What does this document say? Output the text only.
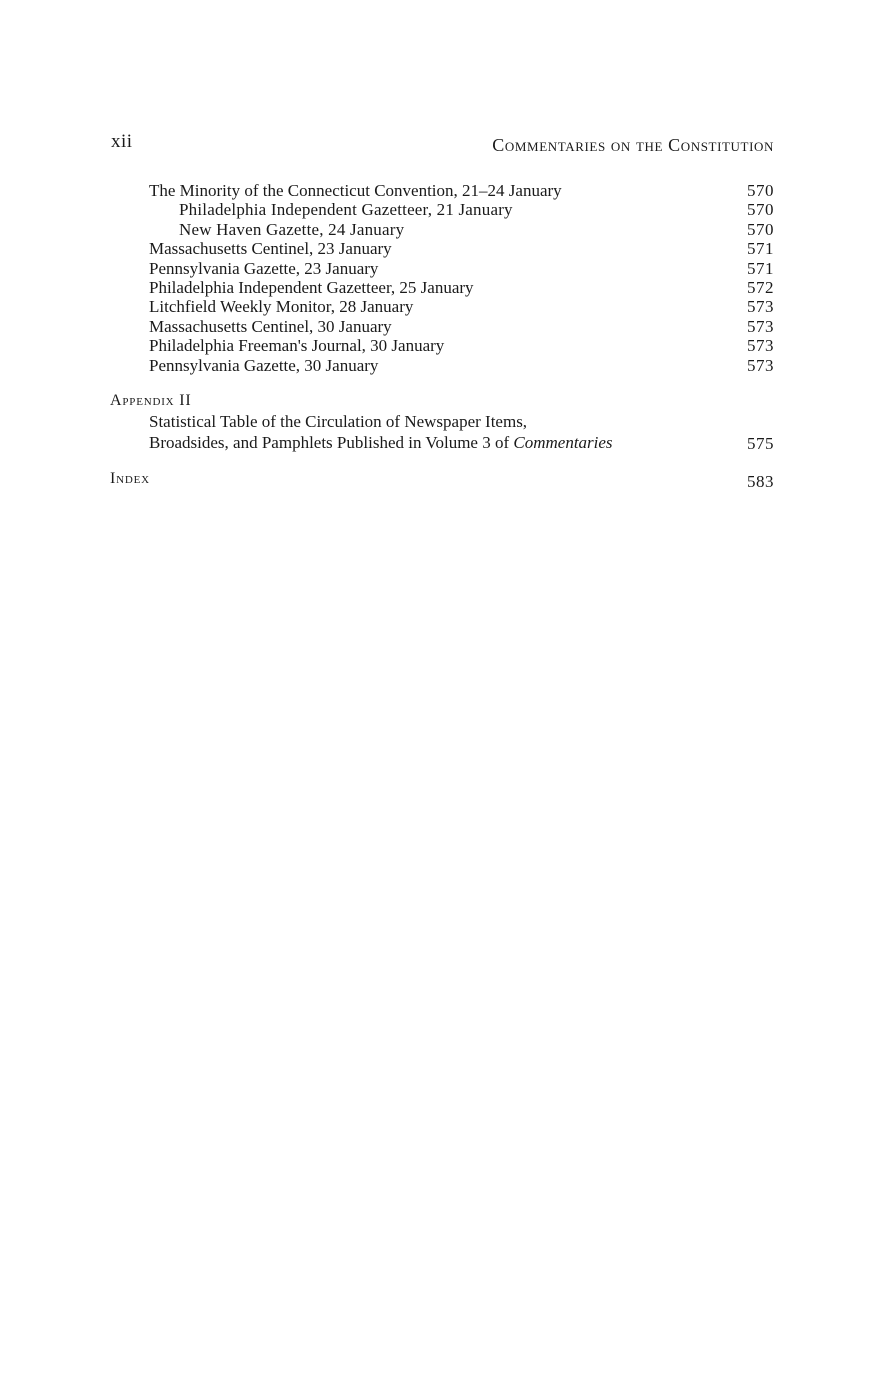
xii	Commentaries on the Constitution
The Minority of the Connecticut Convention, 21–24 January	570
Philadelphia Independent Gazetteer, 21 January	570
New Haven Gazette, 24 January	570
Massachusetts Centinel, 23 January	571
Pennsylvania Gazette, 23 January	571
Philadelphia Independent Gazetteer, 25 January	572
Litchfield Weekly Monitor, 28 January	573
Massachusetts Centinel, 30 January	573
Philadelphia Freeman's Journal, 30 January	573
Pennsylvania Gazette, 30 January	573
Appendix II
Statistical Table of the Circulation of Newspaper Items,
Broadsides, and Pamphlets Published in Volume 3 of Commentaries	575
Index	583
